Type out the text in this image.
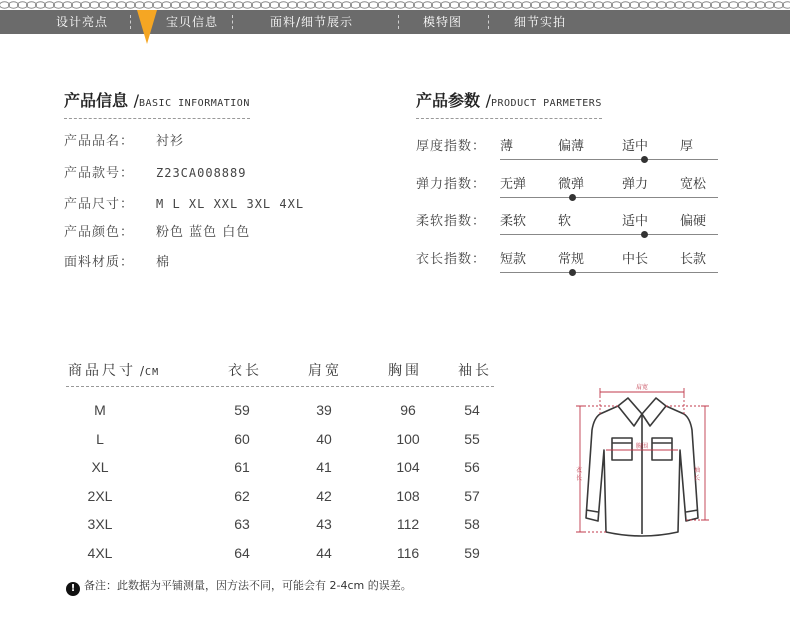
设计亮点	宝贝信息	面料/细节展示	模特图	细节实拍
产品信息 /BASIC INFORMATION
产品品名： 衬衫
产品款号： Z23CA008889
产品尺寸： M L XL XXL 3XL 4XL
产品颜色： 粉色 蓝色 白色
面料材质： 棉
产品参数 /PRODUCT PARMETERS
厚度指数： 薄	偏薄	适中 厚
弹力指数： 无弹 微弹	弹力 宽松
柔软指数： 柔软 软	适中 偏硬
衣长指数： 短款 常规	中长 长款
商品尺寸 /CM	衣长	肩宽	胸围	袖长
M	59	39	96	54
L	60	40	100	55
XL	61	41	104	56
2XL	62	42	108	57
3XL	63	43	112	58
4XL	64	44	116	59
肩宽
胸围
衣 长
袖 长
! 备注：此数据为平铺测量，因方法不同，可能会有 2-4cm 的误差。
